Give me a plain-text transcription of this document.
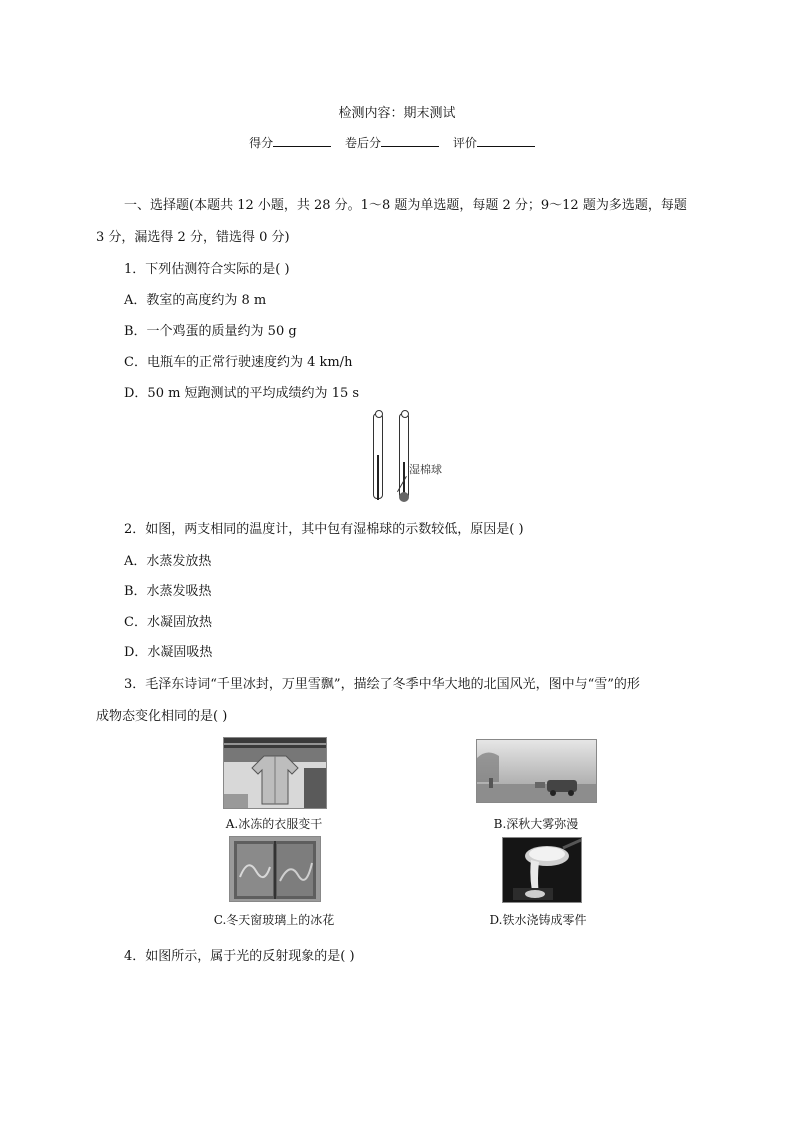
检测内容：期末测试
得分	卷后分	评价
一、选择题(本题共 12 小题，共 28 分。1～8 题为单选题，每题 2 分；9～12 题为多选题，每题
3 分，漏选得 2 分，错选得 0 分)
1．下列估测符合实际的是( )
A．教室的高度约为 8 m
B．一个鸡蛋的质量约为 50 g
C．电瓶车的正常行驶速度约为 4 km/h
D．50 m 短跑测试的平均成绩约为 15 s
湿棉球
2．如图，两支相同的温度计，其中包有湿棉球的示数较低，原因是( )
A．水蒸发放热
B．水蒸发吸热
C．水凝固放热
D．水凝固吸热
3．毛泽东诗词“千里冰封，万里雪飘”，描绘了冬季中华大地的北国风光，图中与“雪”的形
成物态变化相同的是( )
A.冰冻的衣服变干	B.深秋大雾弥漫
C.冬天窗玻璃上的冰花	D.铁水浇铸成零件
4．如图所示，属于光的反射现象的是( )
